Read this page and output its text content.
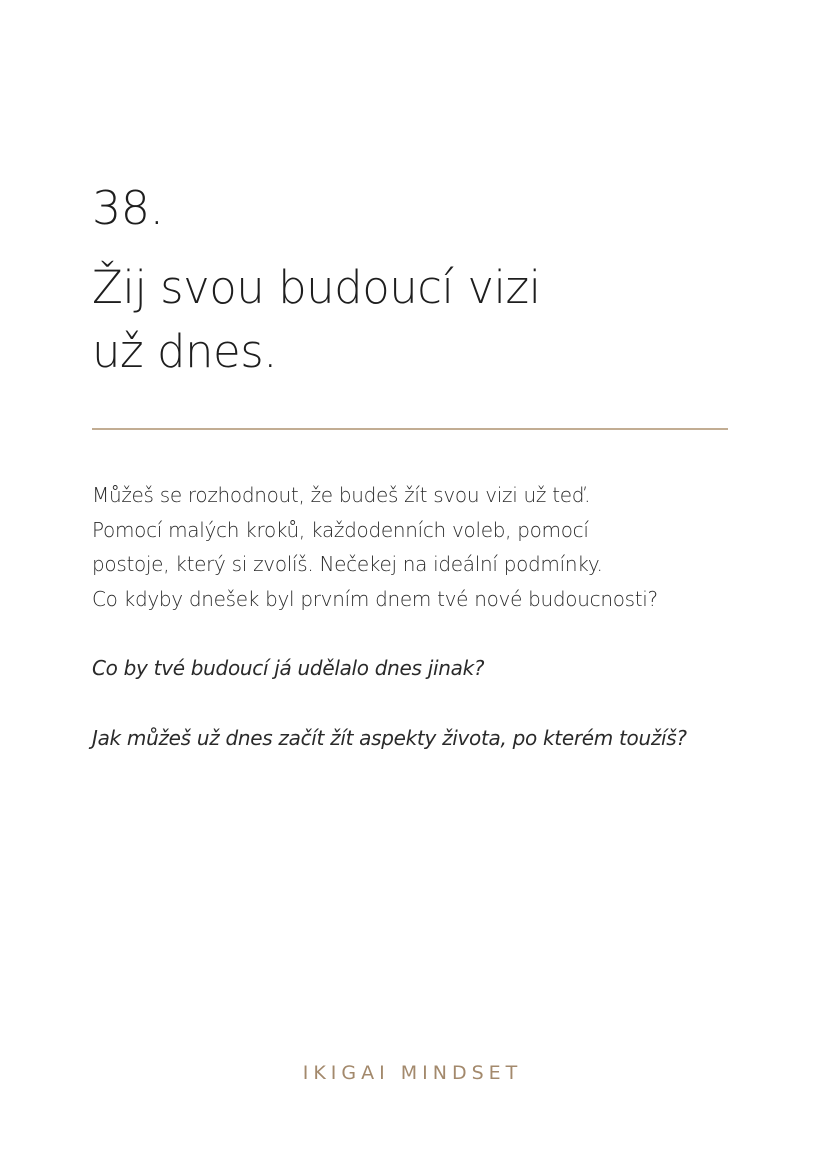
38.
Žij svou budoucí vizi
už dnes.

Můžeš se rozhodnout, že budeš žít svou vizi už teď.
Pomocí malých kroků, každodenních voleb, pomocí
postoje, který si zvolíš. Nečekej na ideální podmínky.
Co kdyby dnešek byl prvním dnem tvé nové budoucnosti?

Co by tvé budoucí já udělalo dnes jinak?

Jak můžeš už dnes začít žít aspekty života, po kterém toužíš?

IKIGAI MINDSET
